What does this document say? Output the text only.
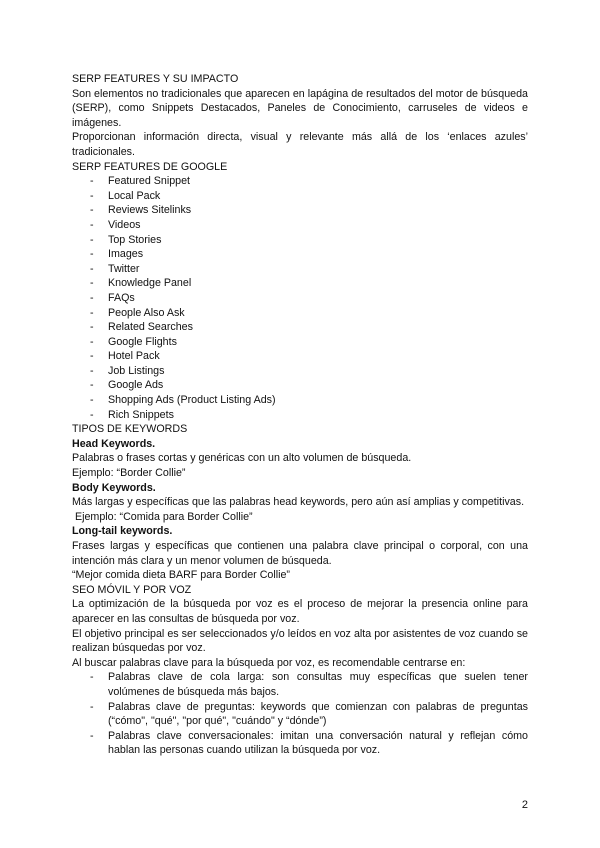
SERP FEATURES Y SU IMPACTO

Son elementos no tradicionales que aparecen en lapágina de resultados del motor de búsqueda (SERP), como Snippets Destacados, Paneles de Conocimiento, carruseles de videos e imágenes.

Proporcionan información directa, visual y relevante más allá de los ‘enlaces azules’ tradicionales.

SERP FEATURES DE GOOGLE

- Featured Snippet
- Local Pack
- Reviews Sitelinks
- Videos
- Top Stories
- Images
- Twitter
- Knowledge Panel
- FAQs
- People Also Ask
- Related Searches
- Google Flights
- Hotel Pack
- Job Listings
- Google Ads
- Shopping Ads (Product Listing Ads)
- Rich Snippets

TIPOS DE KEYWORDS

Head Keywords.

Palabras o frases cortas y genéricas con un alto volumen de búsqueda.

Ejemplo: “Border Collie”

Body Keywords.

Más largas y específicas que las palabras head keywords, pero aún así amplias y competitivas.

Ejemplo: “Comida para Border Collie”

Long-tail keywords.

Frases largas y específicas que contienen una palabra clave principal o corporal, con una intención más clara y un menor volumen de búsqueda.

“Mejor comida dieta BARF para Border Collie”

SEO MÓVIL Y POR VOZ

La optimización de la búsqueda por voz es el proceso de mejorar la presencia online para aparecer en las consultas de búsqueda por voz.

El objetivo principal es ser seleccionados y/o leídos en voz alta por asistentes de voz cuando se realizan búsquedas por voz.

Al buscar palabras clave para la búsqueda por voz, es recomendable centrarse en:

- Palabras clave de cola larga: son consultas muy específicas que suelen tener volúmenes de búsqueda más bajos.
- Palabras clave de preguntas: keywords que comienzan con palabras de preguntas (“cómo", "qué", "por qué", "cuándo" y “dónde”)
- Palabras clave conversacionales: imitan una conversación natural y reflejan cómo hablan las personas cuando utilizan la búsqueda por voz.
2
